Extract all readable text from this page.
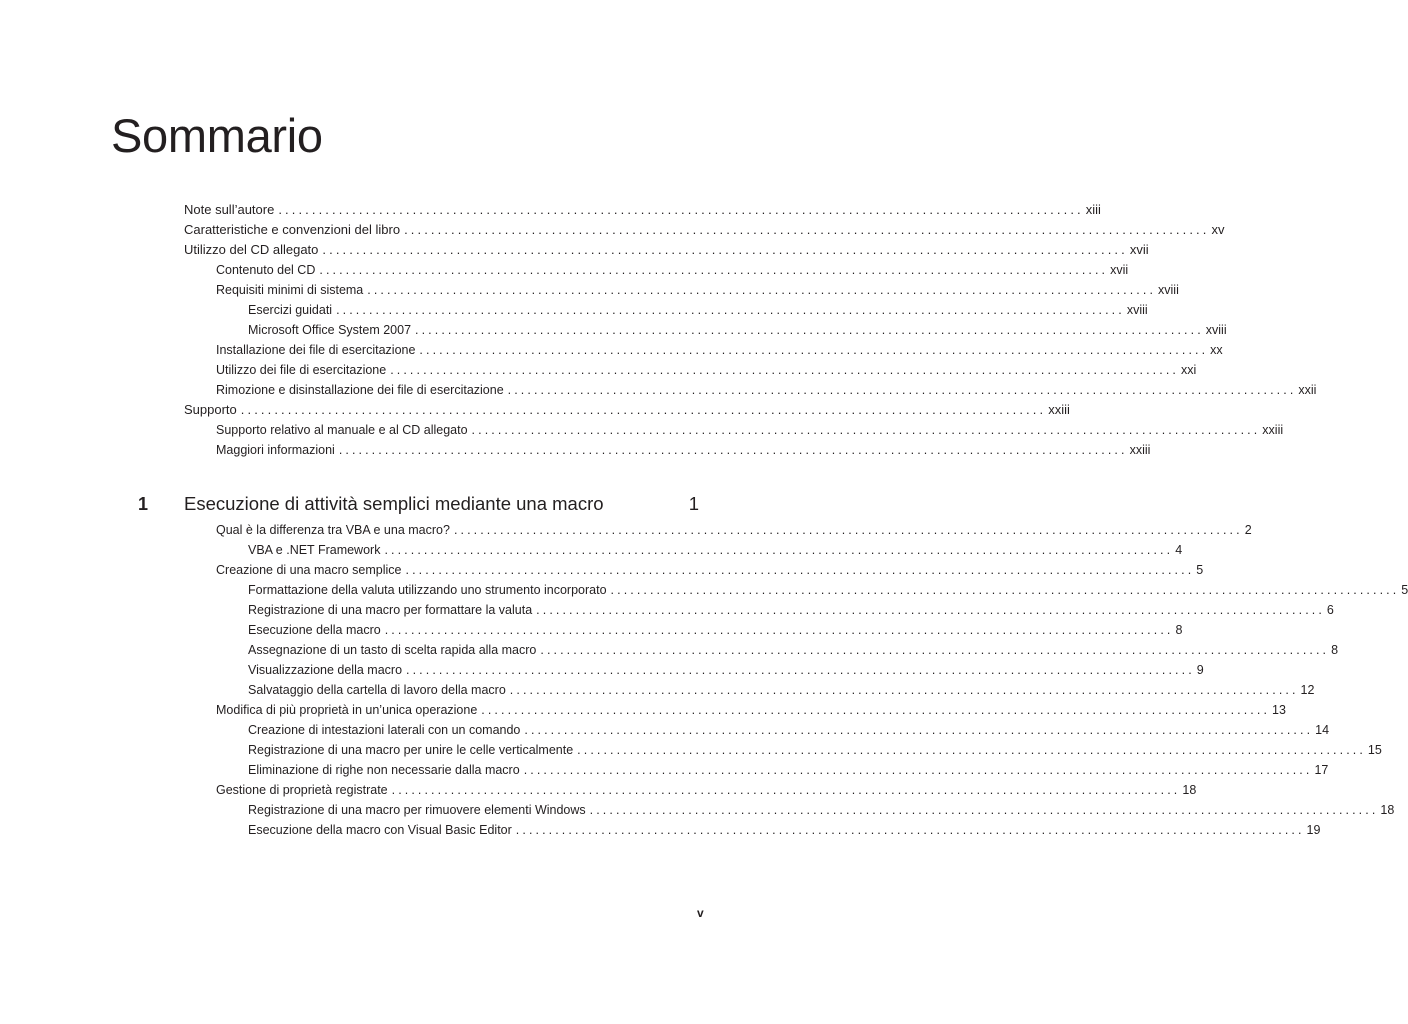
Sommario
Note sull’autore ........................................................................................................................ xiii
Caratteristiche e convenzioni del libro ........................................................................................................................ xv
Utilizzo del CD allegato ........................................................................................................................ xvii
Contenuto del CD ........................................................................................................................ xvii
Requisiti minimi di sistema ........................................................................................................................ xviii
Esercizi guidati ........................................................................................................................ xviii
Microsoft Office System 2007 ........................................................................................................................ xviii
Installazione dei file di esercitazione ........................................................................................................................ xx
Utilizzo dei file di esercitazione ........................................................................................................................ xxi
Rimozione e disinstallazione dei file di esercitazione ........................................................................................................................ xxii
Supporto ........................................................................................................................ xxiii
Supporto relativo al manuale e al CD allegato ........................................................................................................................ xxiii
Maggiori informazioni ........................................................................................................................ xxiii
1 Esecuzione di attività semplici mediante una macro	1
Qual è la differenza tra VBA e una macro? ........................................................................................................................ 2
VBA e .NET Framework ........................................................................................................................ 4
Creazione di una macro semplice ........................................................................................................................ 5
Formattazione della valuta utilizzando uno strumento incorporato ........................................................................................................................ 5
Registrazione di una macro per formattare la valuta ........................................................................................................................ 6
Esecuzione della macro ........................................................................................................................ 8
Assegnazione di un tasto di scelta rapida alla macro ........................................................................................................................ 8
Visualizzazione della macro ........................................................................................................................ 9
Salvataggio della cartella di lavoro della macro ........................................................................................................................ 12
Modifica di più proprietà in un’unica operazione ........................................................................................................................ 13
Creazione di intestazioni laterali con un comando ........................................................................................................................ 14
Registrazione di una macro per unire le celle verticalmente ........................................................................................................................ 15
Eliminazione di righe non necessarie dalla macro ........................................................................................................................ 17
Gestione di proprietà registrate ........................................................................................................................ 18
Registrazione di una macro per rimuovere elementi Windows ........................................................................................................................ 18
Esecuzione della macro con Visual Basic Editor ........................................................................................................................ 19
v
